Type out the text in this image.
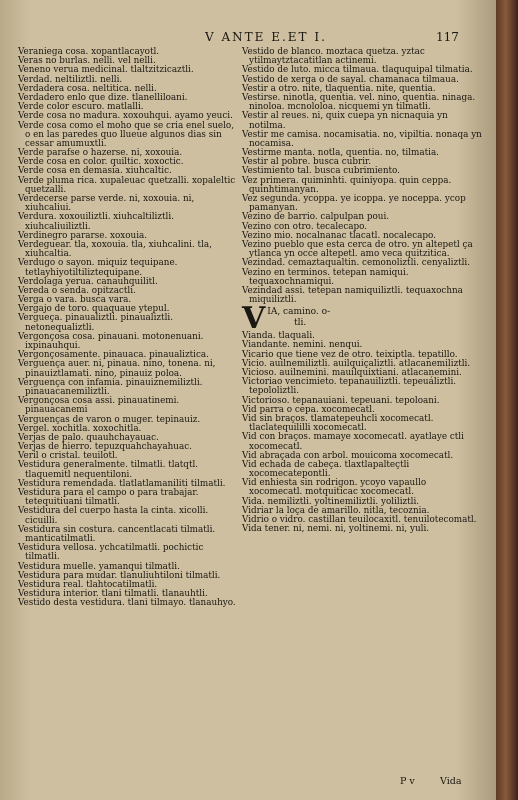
V ANTE E.ET I.	117

Veraniega cosa. xopantlacayotl.

Veras no burlas. nelli. vel nelli.

Veneno verua medicinal. tlaltzitzicaztli.

Verdad. neltiliztli. nelli.

Verdadera cosa. neltitica. nelli.

Verdadero enlo que dize. tlanelliloani.

Verde color escuro. matlalli.

Verde cosa no madura. xoxouhqui. ayamo yeuci.

Verde cosa como el moho que se cria enel suelo, o en las paredes quo llueue algunos dias sin cessar amumuxtli.

Verde parafse o hazerse. ni, xoxouia.

Verde cosa en color. quiltic. xoxoctic.

Verde cosa en demasia. xiuhcaltic.

Verde pluma rica. xupaleuac quetzalli. xopaleltic quetzalli.

Verdecerse parse verde. ni, xoxouia. ni, xiuhcaliui.

Verdura. xoxouiliztli. xiuhcaltiliztli. xiuhcaliuiliztli.

Verdinegro pararse. xoxouia.

Verdeguear. tla, xoxouia. tla, xiuhcalini. tla, xiuhcaltia.

Verdugo o sayon. miquiz tequipane. tetlayhiyotiltiliztequipane.

Verdolaga yerua. canauhquilitl.

Vereda o senda. opitzactli.

Verga o vara. busca vara.

Vergajo de toro. quaquaue ytepul.

Vergueça. pinaualiztli. pinaualiztli. netonequaliztli.

Vergonçosa cosa. pinauani. motonenuani. ixpinauhqui.

Vergonçosamente. pinauaca. pinaualiztica.

Verguença auer. ni, pinaua. nino, tonena. ni, pinauiztlamati. nino, pinauiz poloa.

Verguença con infamia. pinauiznemiliztli. pinauacanemiliztli.

Vergonçosa cosa assi. pinauatinemi. pinauacanemi

Verguenças de varon o muger. tepinauiz.

Vergel. xochitla. xoxochitla.

Verjas de palo. quauhchayauac.

Verjas de hierro. tepuzquahchayahuac.

Veril o cristal. teuilotl.

Vestidura generalmente. tilmatli. tlatqtl. tlaquemitl nequentiloni.

Vestidura remendada. tlatlatlamaniliti tilmatli.

Vestidura para el campo o para trabajar. tetequitiuani tilmatli.

Vestidura del cuerpo hasta la cinta. xicolli. cicuilli.

Vestidura sin costura. cancentlacati tilmatli. manticatilmatli.

Vestidura vellosa. ychcatilmatli. pochictic tilmatli.

Vestidura muelle. yamanqui tilmatli.

Vestidura para mudar. tlanuliuhtiloni tilmatli.

Vestidura real. tlahtocatilmatli.

Vestidura interior. tlani tilmatli. tlanauhtli.

Vestido desta vestidura. tlani tilmayo. tlanauhyo.

Vestido de blanco. moztaca quetza. yztac ytilmaytztacatitlan actinemi.

Vestido de luto. micca tilmaua. tlaququipal tilmatia.

Vestido de xerga o de sayal. chamanaca tilmaua.

Vestir a otro. nite, tlaquentia. nite, quentia.

Vestirse. ninotla, quentia. vel. nino, quentia. ninaga. ninoloa. mcnololoa. nicquemi yn tilmatli.

Vestir al reues. ni, quix cuepa yn nicnaquia yn notilma.

Vestir me camisa. nocamisatia. no, vipiltia. nonaqa yn nocamisa.

Vestirme manta. notla, quentia. no, tilmatia.

Vestir al pobre. busca cubrir.

Vestimiento tal. busca cubrimiento.

Vez primera. quiminhti. quiniyopa. quin ceppa. quinhtimanyan.

Vez segunda. ycoppa. ye icoppa. ye noceppa. ycop pamanyan.

Vezino de barrio. calpulpan poui.

Vezino con otro. tecalecapo.

Vezino mio. nocalnanac tlacatl. nocalecapo.

Vezino pueblo que esta cerca de otro. yn altepetl ça ytlanca yn occe altepetl. amo veca quitzitica.

Vezindad. cemaztaqualtin. cemonoliztli. cenyaliztli.

Vezino en terminos. tetepan namiqui. tequaxochnamiqui.

Vezindad assi. tetepan namiquiliztli. tequaxochna miquiliztli.

V IA, camino. o-
tli.

Vianda. tlaquali.

Viandante. nemini. nenqui.

Vicario que tiene vez de otro. teixiptla. tepatillo.

Vicio. auilnemiliztli. auilquiçaliztli. atlacanemiliztli.

Vicioso. auilnemini. mauilquixtiani. atlacanemini.

Victoriao vencimieto. tepanauiliztli. tepeuáliztli. tepololiztli.

Victorioso. tepanauiani. tepeuani. tepoloani.

Vid parra o cepa. xocomecatl.

Vid sin braços. tlamatepeuhcli xocomecatl. tlaclatequililli xocomecatl.

Vid con braços. mamaye xocomecatl. ayatlaye ctli xocomecatl.

Vid abraçada con arbol. mouicoma xocomecatl.

Vid echada de cabeça. tlaxtlapalteçtli xocomecatepontli.

Vid enhiesta sin rodrigon. ycoyo vapaullo xocomecatl. motquiticac xocomecatl.

Vida. nemiliztli. yoltinemiliztli. yoliliztli.

Vidriar la loça de amarillo. nitla, tecoznia.

Vidrio o vidro. castillan teuilocaxitl. tenuilotecomatl.

Vida tener. ni, nemi. ni, yoltinemi. ni, yuli.

P v	Vida
